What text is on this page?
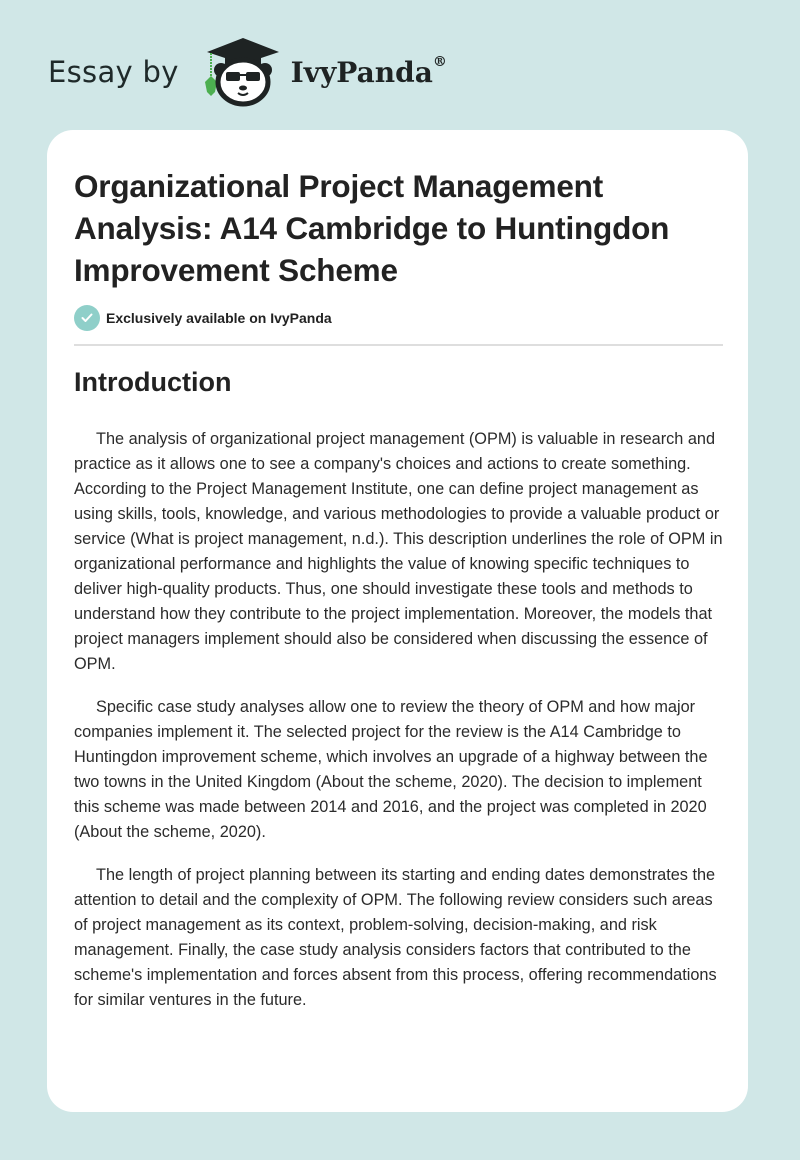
Essay by	IvyPanda®
Organizational Project Management Analysis: A14 Cambridge to Huntingdon Improvement Scheme
Exclusively available on IvyPanda
Introduction

The analysis of organizational project management (OPM) is valuable in research and practice as it allows one to see a company's choices and actions to create something. According to the Project Management Institute, one can define project management as using skills, tools, knowledge, and various methodologies to provide a valuable product or service (What is project management, n.d.). This description underlines the role of OPM in organizational performance and highlights the value of knowing specific techniques to deliver high-quality products. Thus, one should investigate these tools and methods to understand how they contribute to the project implementation. Moreover, the models that project managers implement should also be considered when discussing the essence of OPM.

Specific case study analyses allow one to review the theory of OPM and how major companies implement it. The selected project for the review is the A14 Cambridge to Huntingdon improvement scheme, which involves an upgrade of a highway between the two towns in the United Kingdom (About the scheme, 2020). The decision to implement this scheme was made between 2014 and 2016, and the project was completed in 2020 (About the scheme, 2020).

The length of project planning between its starting and ending dates demonstrates the attention to detail and the complexity of OPM. The following review considers such areas of project management as its context, problem-solving, decision-making, and risk management. Finally, the case study analysis considers factors that contributed to the scheme's implementation and forces absent from this process, offering recommendations for similar ventures in the future.
